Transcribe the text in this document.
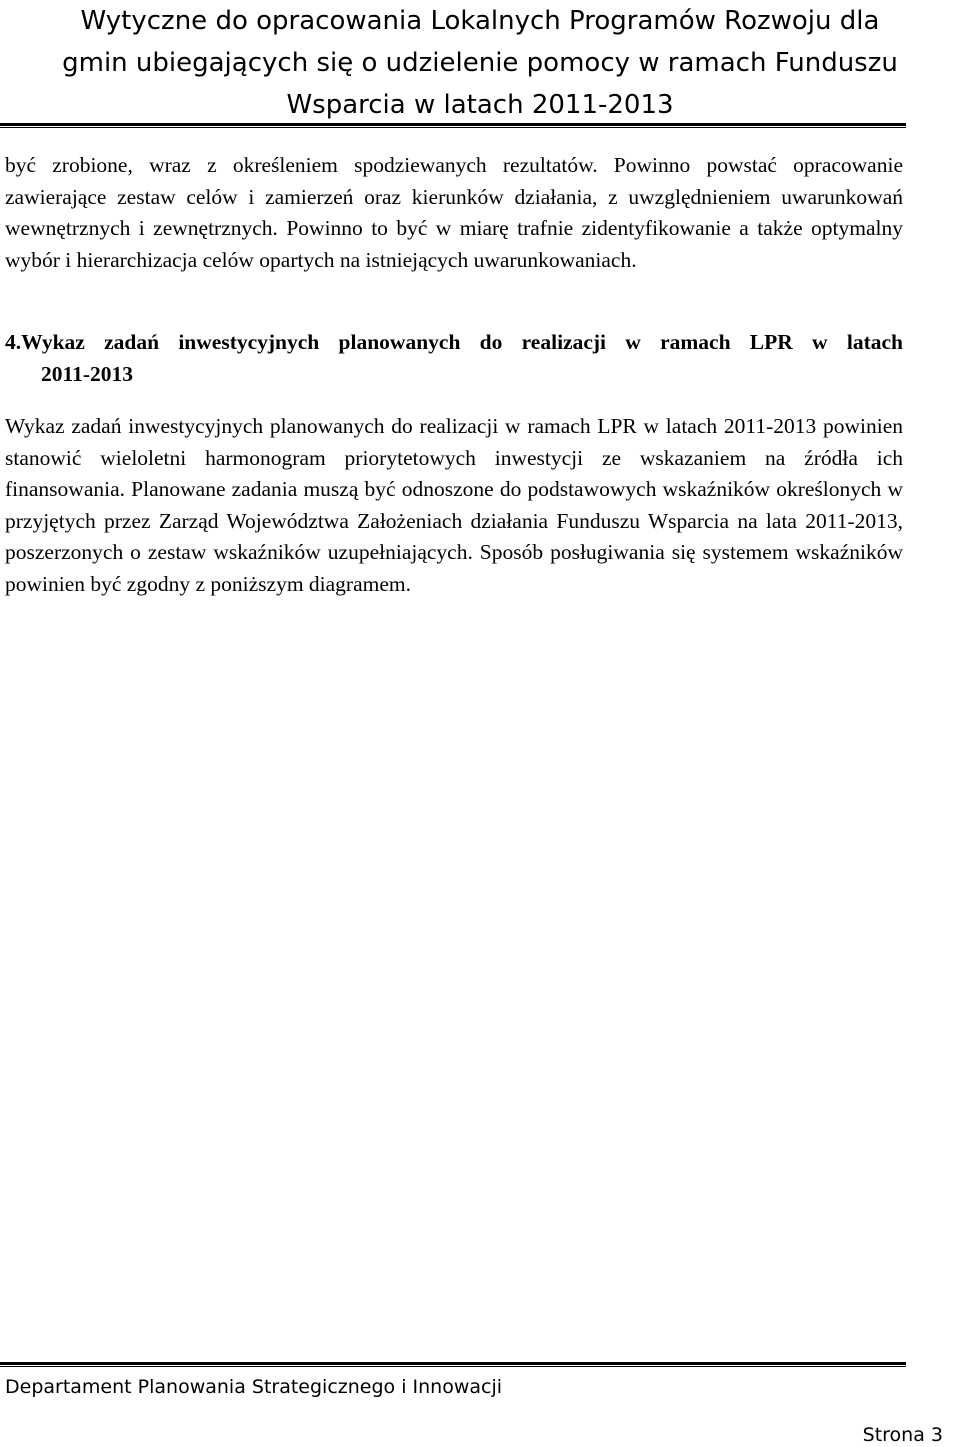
Wytyczne do opracowania Lokalnych Programów Rozwoju dla
gmin ubiegających się o udzielenie pomocy w ramach Funduszu
Wsparcia w latach 2011-2013

być zrobione, wraz z określeniem spodziewanych rezultatów. Powinno powstać opracowanie zawierające zestaw celów i zamierzeń oraz kierunków działania, z uwzględnieniem uwarunkowań wewnętrznych i zewnętrznych. Powinno to być w miarę trafnie zidentyfikowanie a także optymalny wybór i hierarchizacja celów opartych na istniejących uwarunkowaniach.

4. Wykaz zadań inwestycyjnych planowanych do realizacji w ramach LPR w latach
2011-2013

Wykaz zadań inwestycyjnych planowanych do realizacji w ramach LPR w latach 2011-2013 powinien stanowić wieloletni harmonogram priorytetowych inwestycji ze wskazaniem na źródła ich finansowania. Planowane zadania muszą być odnoszone do podstawowych wskaźników określonych w przyjętych przez Zarząd Województwa Założeniach działania Funduszu Wsparcia na lata 2011-2013, poszerzonych o zestaw wskaźników uzupełniających. Sposób posługiwania się systemem wskaźników powinien być zgodny z poniższym diagramem.

Departament Planowania Strategicznego i Innowacji
Strona 3
